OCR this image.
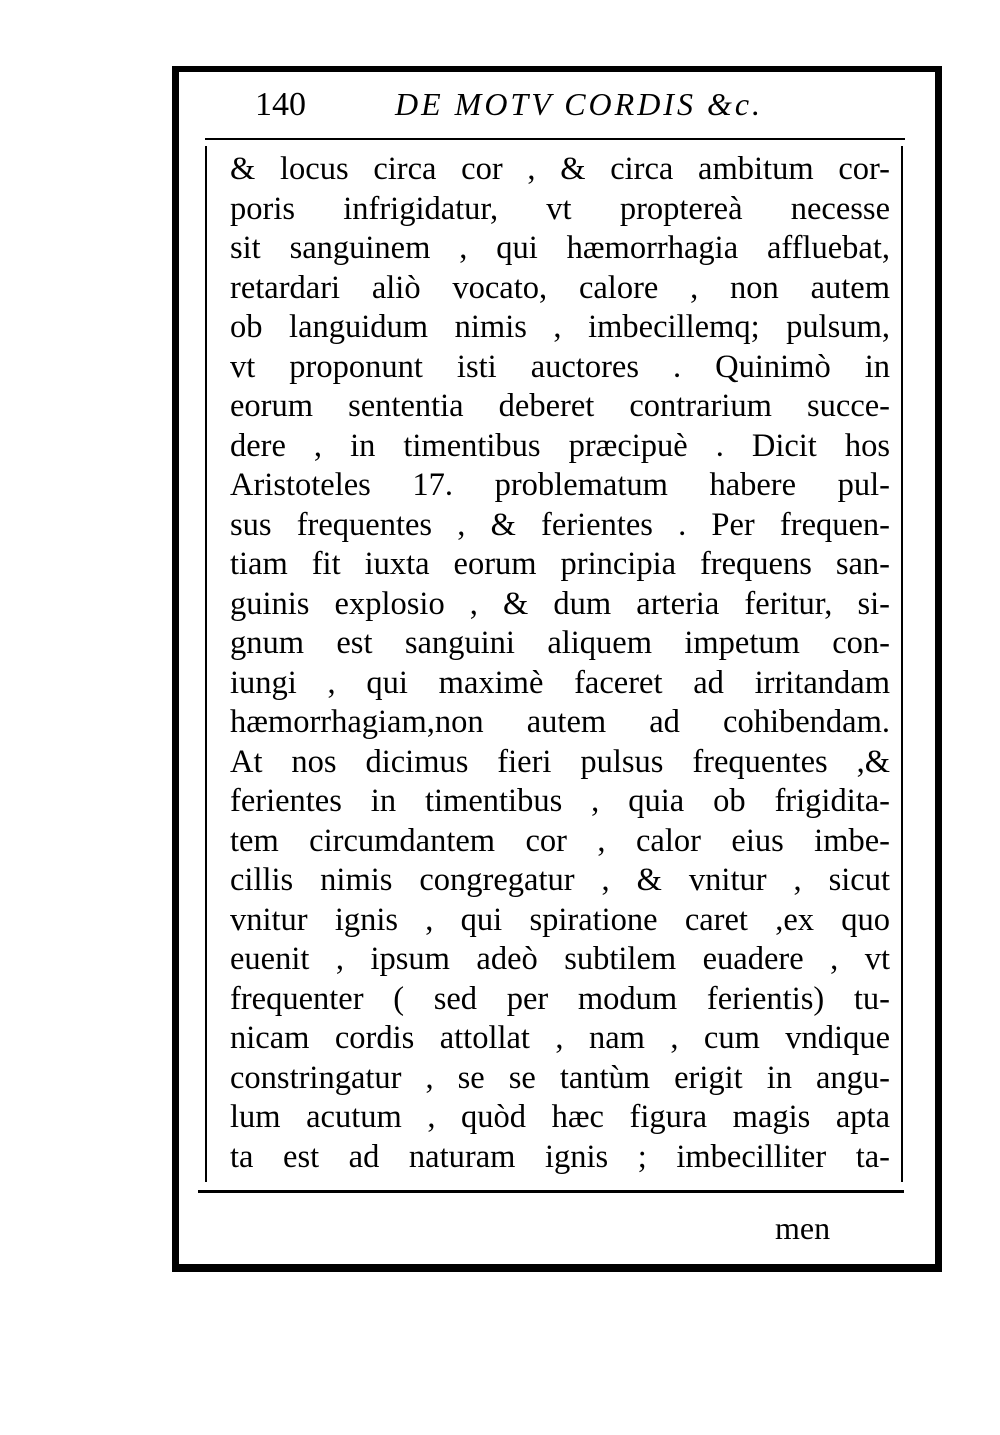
140	DE MOTV CORDIS &c.
& locus circa cor , & circa ambitum cor-
poris infrigidatur, vt proptereà necesse
sit sanguinem , qui hæmorrhagia affluebat,
retardari aliò vocato, calore , non autem
ob languidum nimis , imbecillemq; pulsum,
vt proponunt isti auctores . Quinimò in
eorum sententia deberet contrarium succe-
dere , in timentibus præcipuè . Dicit hos
Aristoteles 17. problematum habere pul-
sus frequentes , & ferientes . Per frequen-
tiam fit iuxta eorum principia frequens san-
guinis explosio , & dum arteria feritur, si-
gnum est sanguini aliquem impetum con-
iungi , qui maximè faceret ad irritandam
hæmorrhagiam,non autem ad cohibendam.
At nos dicimus fieri pulsus frequentes ,&
ferientes in timentibus , quia ob frigidita-
tem circumdantem cor , calor eius imbe-
cillis nimis congregatur , & vnitur , sicut
vnitur ignis , qui spiratione caret ,ex quo
euenit , ipsum adeò subtilem euadere , vt
frequenter ( sed per modum ferientis) tu-
nicam cordis attollat , nam , cum vndique
constringatur , se se tantùm erigit in angu-
lum acutum , quòd hæc figura magis apta
ta est ad naturam ignis ; imbecilliter ta-
men
